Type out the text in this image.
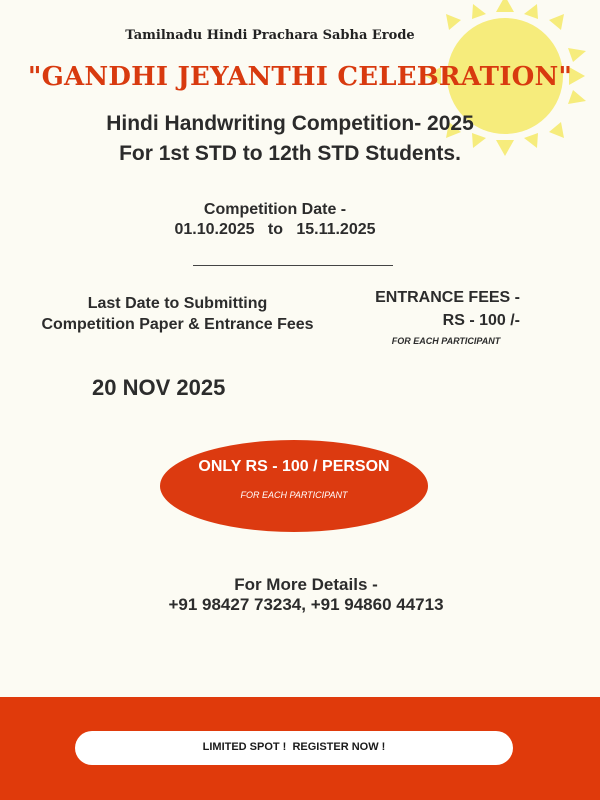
Tamilnadu Hindi Prachara Sabha Erode
"GANDHI JEYANTHI CELEBRATION"
Hindi Handwriting Competition- 2025
For 1st STD to 12th STD Students.
Competition Date -
01.10.2025   to   15.11.2025
Last Date to Submitting Competition Paper & Entrance Fees
20 NOV 2025
ENTRANCE FEES -
RS - 100 /-
FOR EACH PARTICIPANT
ONLY RS - 100 / PERSON
FOR EACH PARTICIPANT
For More Details -
+91 98427 73234, +91 94860 44713
LIMITED SPOT !  REGISTER NOW !
